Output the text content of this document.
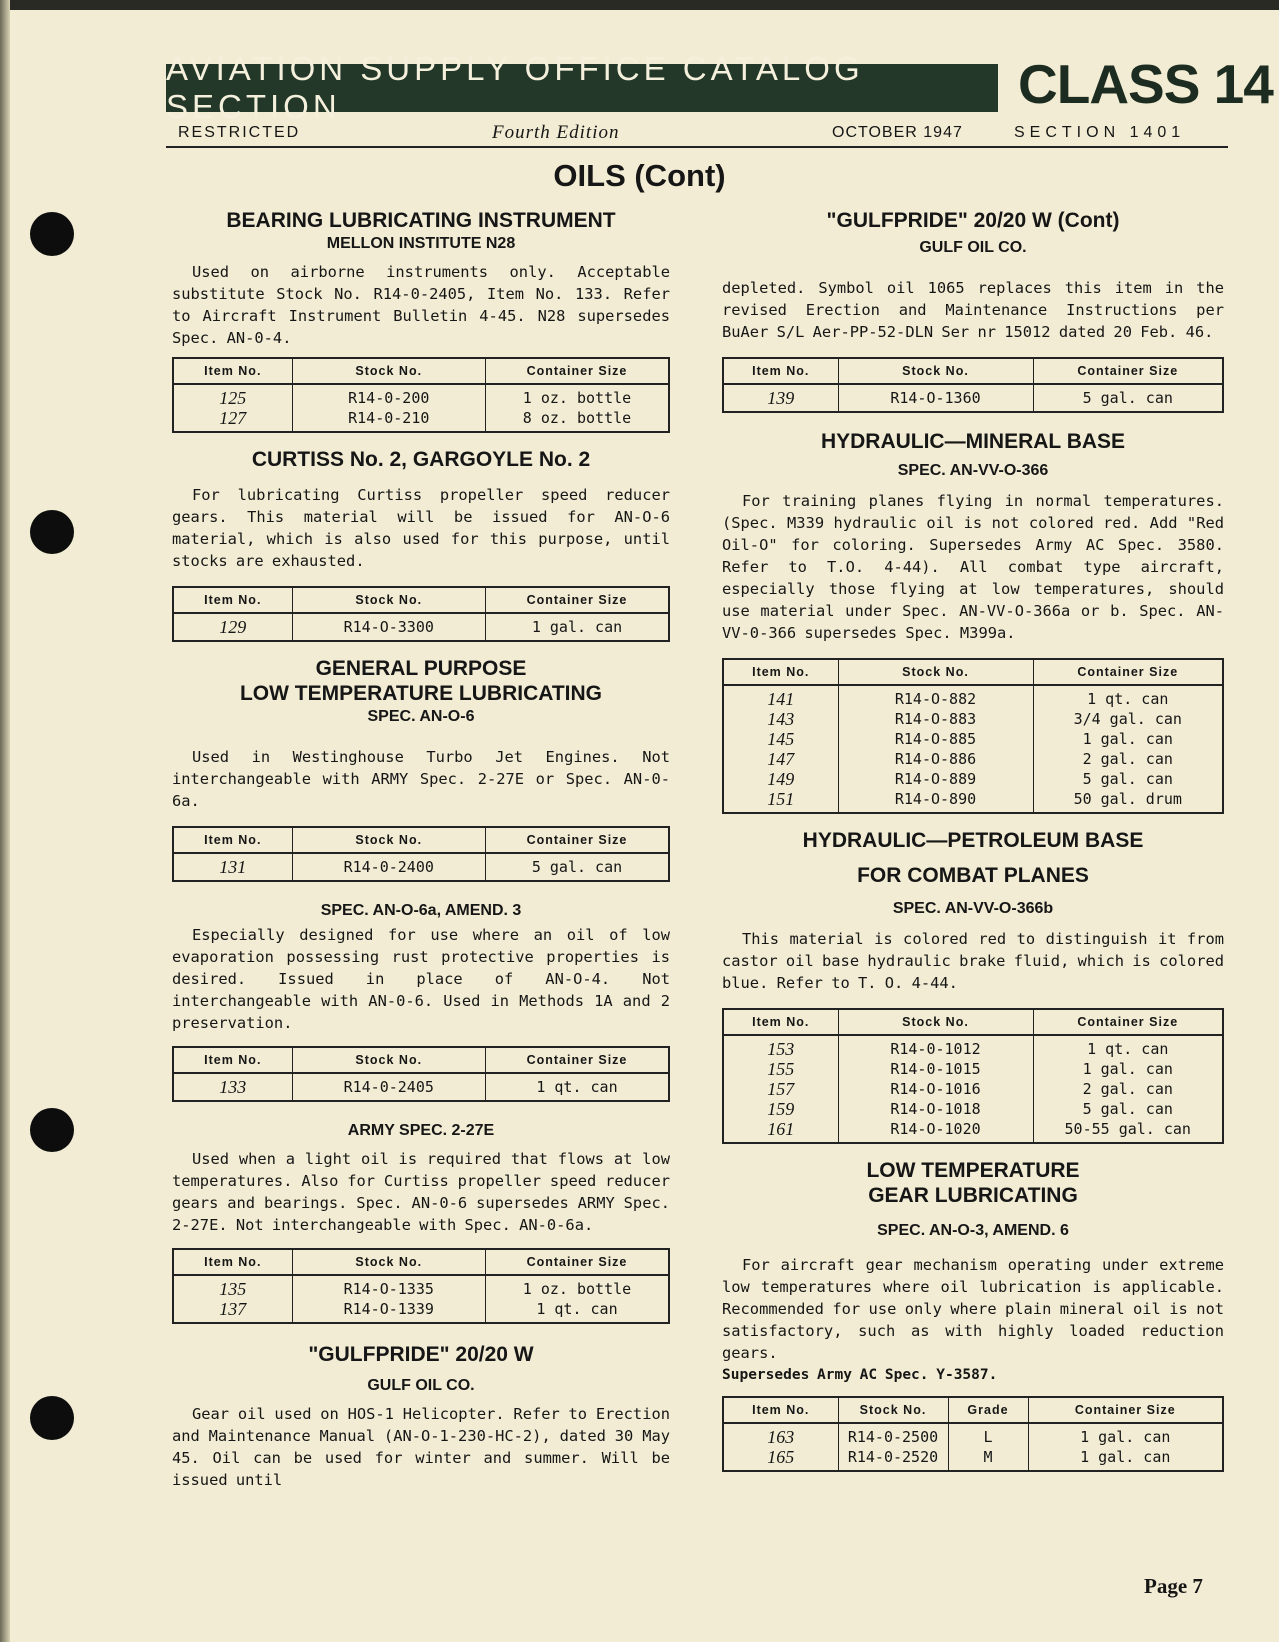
AVIATION SUPPLY OFFICE CATALOG SECTION	CLASS 14
RESTRICTED	Fourth Edition	OCTOBER 1947	SECTION 1401
OILS (Cont)

BEARING LUBRICATING INSTRUMENT

MELLON INSTITUTE N28

Used on airborne instruments only. Acceptable substitute Stock No. R14-0-2405, Item No. 133. Refer to Aircraft Instrument Bulletin 4-45. N28 supersedes Spec. AN-0-4.

Item No.	Stock No.	Container Size
125	R14-0-200	1 oz. bottle
127	R14-0-210	8 oz. bottle

CURTISS No. 2, GARGOYLE No. 2

For lubricating Curtiss propeller speed reducer gears. This material will be issued for AN-O-6 material, which is also used for this purpose, until stocks are exhausted.

Item No.	Stock No.	Container Size
129	R14-O-3300	1 gal. can

GENERAL PURPOSE

LOW TEMPERATURE LUBRICATING

SPEC. AN-O-6

Used in Westinghouse Turbo Jet Engines. Not interchangeable with ARMY Spec. 2-27E or Spec. AN-0-6a.

Item No.	Stock No.	Container Size
131	R14-0-2400	5 gal. can

SPEC. AN-O-6a, AMEND. 3

Especially designed for use where an oil of low evaporation possessing rust protective properties is desired. Issued in place of AN-O-4. Not interchangeable with AN-0-6. Used in Methods 1A and 2 preservation.

Item No.	Stock No.	Container Size
133	R14-0-2405	1 qt. can

ARMY SPEC. 2-27E

Used when a light oil is required that flows at low temperatures. Also for Curtiss propeller speed reducer gears and bearings. Spec. AN-0-6 supersedes ARMY Spec. 2-27E. Not interchangeable with Spec. AN-0-6a.

Item No.	Stock No.	Container Size
135	R14-O-1335	1 oz. bottle
137	R14-O-1339	1 qt. can

"GULFPRIDE" 20/20 W

GULF OIL CO.

Gear oil used on HOS-1 Helicopter. Refer to Erection and Maintenance Manual (AN-O-1-230-HC-2), dated 30 May 45. Oil can be used for winter and summer. Will be issued until

"GULFPRIDE" 20/20 W (Cont)

GULF OIL CO.

depleted. Symbol oil 1065 replaces this item in the revised Erection and Maintenance Instructions per BuAer S/L Aer-PP-52-DLN Ser nr 15012 dated 20 Feb. 46.

Item No.	Stock No.	Container Size
139	R14-O-1360	5 gal. can

HYDRAULIC—MINERAL BASE

SPEC. AN-VV-O-366

For training planes flying in normal temperatures. (Spec. M339 hydraulic oil is not colored red. Add "Red Oil-O" for coloring. Supersedes Army AC Spec. 3580. Refer to T.O. 4-44). All combat type aircraft, especially those flying at low temperatures, should use material under Spec. AN-VV-O-366a or b. Spec. AN-VV-0-366 supersedes Spec. M399a.

Item No.	Stock No.	Container Size
141	R14-O-882	1 qt. can
143	R14-O-883	3/4 gal. can
145	R14-O-885	1 gal. can
147	R14-O-886	2 gal. can
149	R14-O-889	5 gal. can
151	R14-O-890	50 gal. drum

HYDRAULIC—PETROLEUM BASE

FOR COMBAT PLANES

SPEC. AN-VV-O-366b

This material is colored red to distinguish it from castor oil base hydraulic brake fluid, which is colored blue. Refer to T. O. 4-44.

Item No.	Stock No.	Container Size
153	R14-0-1012	1 qt. can
155	R14-0-1015	1 gal. can
157	R14-O-1016	2 gal. can
159	R14-O-1018	5 gal. can
161	R14-O-1020	50-55 gal. can

LOW TEMPERATURE

GEAR LUBRICATING

SPEC. AN-O-3, AMEND. 6

For aircraft gear mechanism operating under extreme low temperatures where oil lubrication is applicable. Recommended for use only where plain mineral oil is not satisfactory, such as with highly loaded reduction gears.

Supersedes Army AC Spec. Y-3587.

Item No.	Stock No.	Grade	Container Size
163	R14-0-2500	L	1 gal. can
165	R14-0-2520	M	1 gal. can
Page 7
